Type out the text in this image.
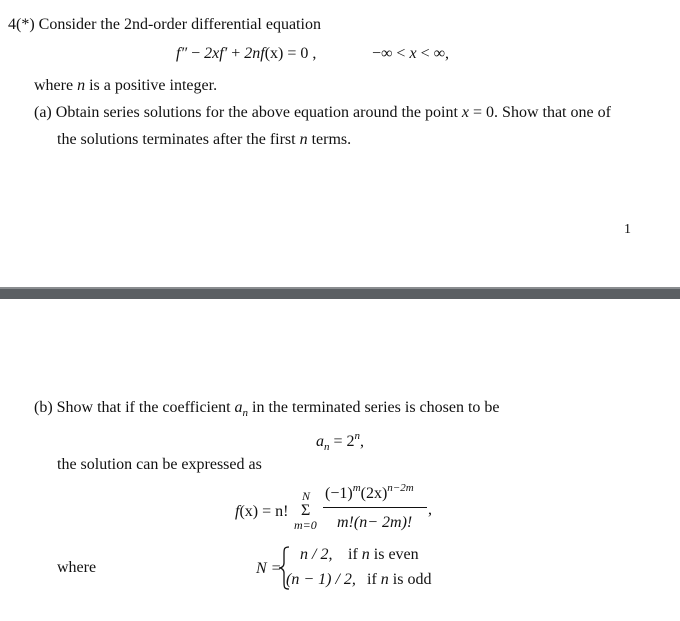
4(*) Consider the 2nd-order differential equation
f″ − 2xf′ + 2nf(x) = 0 ,	−∞ < x < ∞,
where n is a positive integer.
(a) Obtain series solutions for the above equation around the point x = 0. Show that one of
the solutions terminates after the first n terms.
1
(b) Show that if the coefficient $a_n$ in the terminated series is chosen to be
$a_n = 2^n$,
the solution can be expressed as
f(x) = n!
N
Σ
m=0
$(-1)^m(2x)^{n-2m}$
m!(n− 2m)!
,
where	N =
n / 2, if n is even
(n − 1) / 2, if n is odd
